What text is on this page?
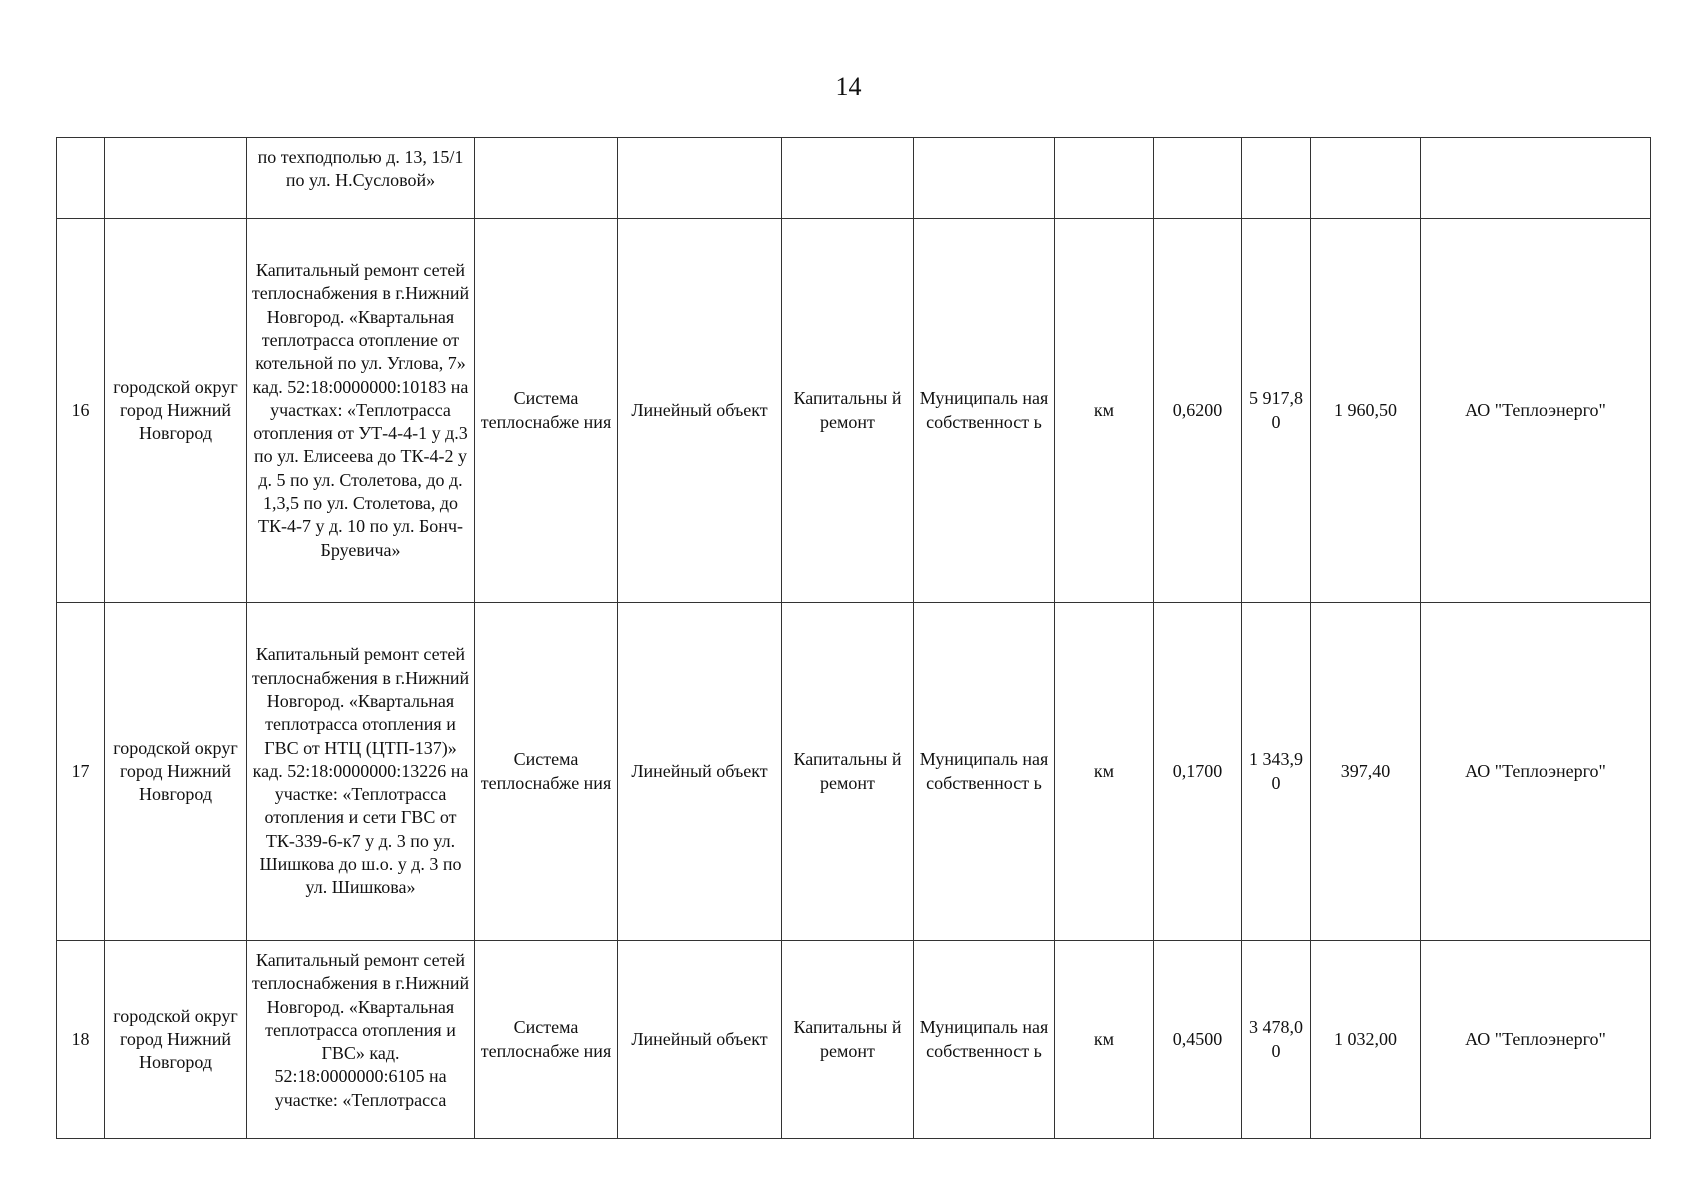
14

		по техподполью д. 13, 15/1 по ул. Н.Сусловой»									

16	городской округ город Нижний Новгород	Капитальный ремонт сетей теплоснабжения в г.Нижний Новгород. «Квартальная теплотрасса отопление от котельной по ул. Углова, 7» кад. 52:18:0000000:10183 на участках: «Теплотрасса отопления от УТ-4-4-1 у д.3 по ул. Елисеева до ТК-4-2 у д. 5 по ул. Столетова, до д. 1,3,5 по ул. Столетова, до ТК-4-7 у д. 10 по ул. Бонч-Бруевича»	Система теплоснабже ния	Линейный объект	Капитальны й ремонт	Муниципаль ная собственност ь	км	0,6200	5 917,8 0	1 960,50	АО "Теплоэнерго"
17	городской округ город Нижний Новгород	Капитальный ремонт сетей теплоснабжения в г.Нижний Новгород. «Квартальная теплотрасса отопления и ГВС от НТЦ (ЦТП-137)» кад. 52:18:0000000:13226 на участке: «Теплотрасса отопления и сети ГВС от ТК-339-6-к7 у д. 3 по ул. Шишкова до ш.о. у д. 3 по ул. Шишкова»	Система теплоснабже ния	Линейный объект	Капитальны й ремонт	Муниципаль ная собственност ь	км	0,1700	1 343,9 0	397,40	АО "Теплоэнерго"
18	городской округ город Нижний Новгород	Капитальный ремонт сетей теплоснабжения в г.Нижний Новгород. «Квартальная теплотрасса отопления и ГВС» кад. 52:18:0000000:6105 на участке: «Теплотрасса	Система теплоснабже ния	Линейный объект	Капитальны й ремонт	Муниципаль ная собственност ь	км	0,4500	3 478,0 0	1 032,00	АО "Теплоэнерго"
